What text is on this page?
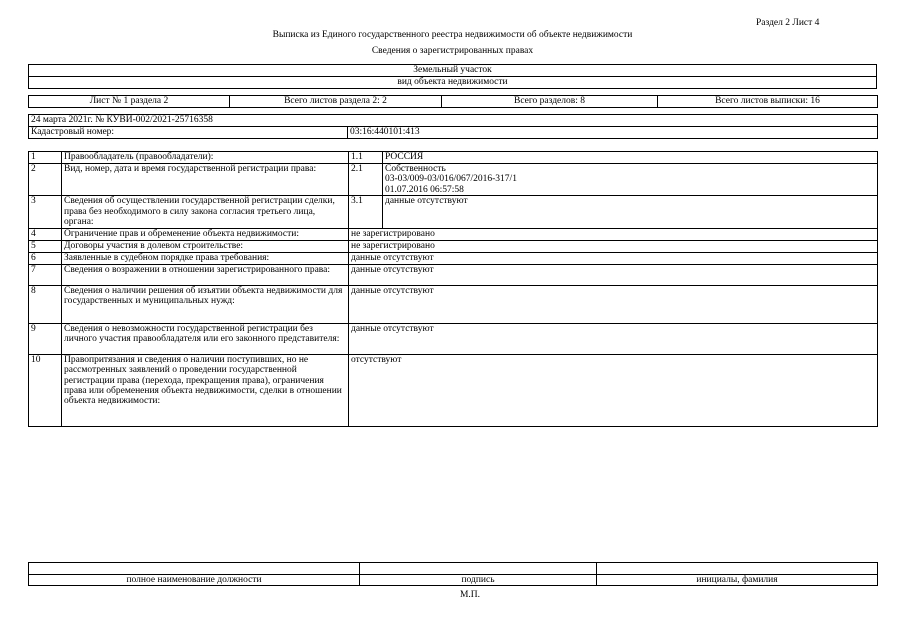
Раздел 2 Лист 4
Выписка из Единого государственного реестра недвижимости об объекте недвижимости
Сведения о зарегистрированных правах
Земельный участок
вид объекта недвижимости
Лист № 1 раздела 2	Всего листов раздела 2: 2	Всего разделов: 8	Всего листов выписки: 16
24 марта 2021г. № КУВИ-002/2021-25716358
Кадастровый номер:	03:16:440101:413
1	Правообладатель (правообладатели):	1.1	РОССИЯ
2	Вид, номер, дата и время государственной регистрации права:	2.1	Собственность
03-03/009-03/016/067/2016-317/1
01.07.2016 06:57:58
3	Сведения об осуществлении государственной регистрации сделки, права без необходимого в силу закона согласия третьего лица, органа:	3.1	данные отсутствуют
4	Ограничение прав и обременение объекта недвижимости:	не зарегистрировано	
5	Договоры участия в долевом строительстве:	не зарегистрировано	
6	Заявленные в судебном порядке права требования:	данные отсутствуют	
7	Сведения о возражении в отношении зарегистрированного права:	данные отсутствуют	
8	Сведения о наличии решения об изъятии объекта недвижимости для государственных и муниципальных нужд:	данные отсутствуют	
9	Сведения о невозможности государственной регистрации без личного участия правообладателя или его законного представителя:	данные отсутствуют	
10	Правопритязания и сведения о наличии поступивших, но не рассмотренных заявлений о проведении государственной регистрации права (перехода, прекращения права), ограничения права или обременения объекта недвижимости, сделки в отношении объекта недвижимости:	отсутствуют	

полное наименование должности	подпись	инициалы, фамилия
М.П.
